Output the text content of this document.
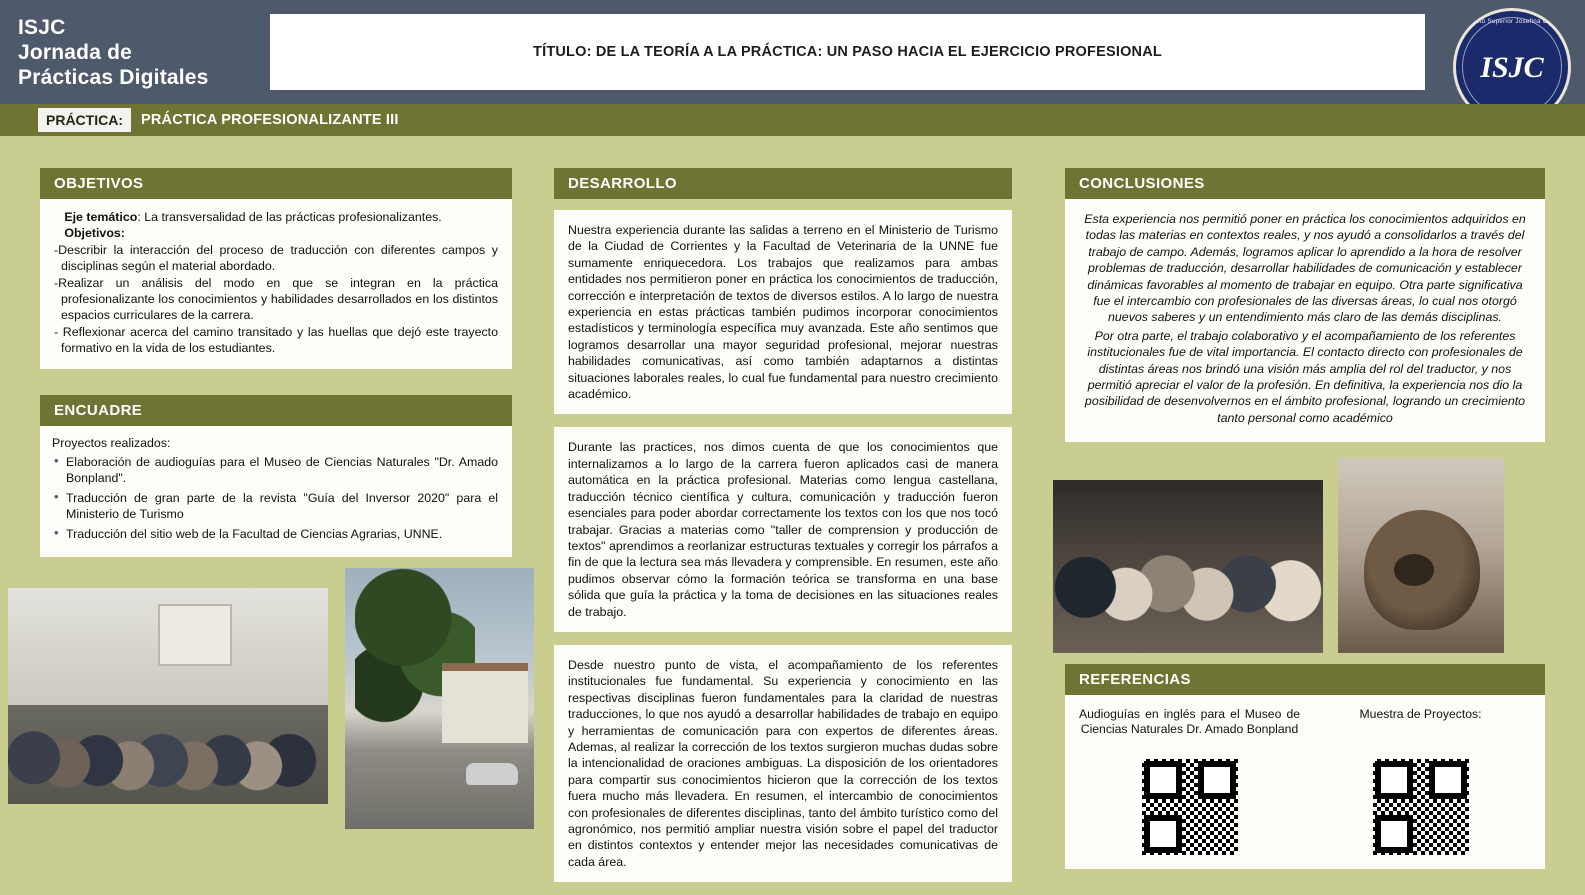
ISJC
Jornada de
Prácticas Digitales
TÍTULO: DE LA TEORÍA A LA PRÁCTICA: UN PASO HACIA EL EJERCICIO PROFESIONAL
Instituto Superior Josefina Contte
ISJC
PRÁCTICA:	PRÁCTICA PROFESIONALIZANTE III
OBJETIVOS

Eje temático: La transversalidad de las prácticas profesionalizantes.

Objetivos:

-Describir la interacción del proceso de traducción con diferentes campos y disciplinas según el material abordado.

-Realizar un análisis del modo en que se integran en la práctica profesionalizante los conocimientos y habilidades desarrollados en los distintos espacios curriculares de la carrera.

- Reflexionar acerca del camino transitado y las huellas que dejó este trayecto formativo en la vida de los estudiantes.

ENCUADRE
Proyectos realizados:
• Elaboración de audioguías para el Museo de Ciencias Naturales "Dr. Amado Bonpland".
• Traducción de gran parte de la revista "Guía del Inversor 2020" para el Ministerio de Turismo
• Traducción del sitio web de la Facultad de Ciencias Agrarias, UNNE.
DESARROLLO
Nuestra experiencia durante las salidas a terreno en el Ministerio de Turismo de la Ciudad de Corrientes y la Facultad de Veterinaria de la UNNE fue sumamente enriquecedora. Los trabajos que realizamos para ambas entidades nos permitieron poner en práctica los conocimientos de traducción, corrección e interpretación de textos de diversos estilos. A lo largo de nuestra experiencia en estas prácticas también pudimos incorporar conocimientos estadísticos y terminología específica muy avanzada. Este año sentimos que logramos desarrollar una mayor seguridad profesional, mejorar nuestras habilidades comunicativas, así como también adaptarnos a distintas situaciones laborales reales, lo cual fue fundamental para nuestro crecimiento académico.
Durante las practices, nos dimos cuenta de que los conocimientos que internalizamos a lo largo de la carrera fueron aplicados casi de manera automática en la práctica profesional. Materias como lengua castellana, traducción técnico científica y cultura, comunicación y traducción fueron esenciales para poder abordar correctamente los textos con los que nos tocó trabajar. Gracias a materias como "taller de comprension y producción de textos" aprendimos a reorlanizar estructuras textuales y corregir los párrafos a fin de que la lectura sea más llevadera y comprensible. En resumen, este año pudimos observar cómo la formación teórica se transforma en una base sólida que guía la práctica y la toma de decisiones en las situaciones reales de trabajo.
Desde nuestro punto de vista, el acompañamiento de los referentes institucionales fue fundamental. Su experiencia y conocimiento en las respectivas disciplinas fueron fundamentales para la claridad de nuestras traducciones, lo que nos ayudó a desarrollar habilidades de trabajo en equipo y herramientas de comunicación para con expertos de diferentes áreas. Ademas, al realizar la corrección de los textos surgieron muchas dudas sobre la intencionalidad de oraciones ambiguas. La disposición de los orientadores para compartir sus conocimientos hicieron que la corrección de los textos fuera mucho más llevadera. En resumen, el intercambio de conocimientos con profesionales de diferentes disciplinas, tanto del ámbito turístico como del agronómico, nos permitió ampliar nuestra visión sobre el papel del traductor en distintos contextos y entender mejor las necesidades comunicativas de cada área.
CONCLUSIONES

Esta experiencia nos permitió poner en práctica los conocimientos adquiridos en todas las materias en contextos reales, y nos ayudó a consolidarlos a través del trabajo de campo. Además, logramos aplicar lo aprendido a la hora de resolver problemas de traducción, desarrollar habilidades de comunicación y establecer dinámicas favorables al momento de trabajar en equipo. Otra parte significativa fue el intercambio con profesionales de las diversas áreas, lo cual nos otorgó nuevos saberes y un entendimiento más claro de las demás disciplinas.

Por otra parte, el trabajo colaborativo y el acompañamiento de los referentes institucionales fue de vital importancia. El contacto directo con profesionales de distintas áreas nos brindó una visión más amplia del rol del traductor, y nos permitió apreciar el valor de la profesión. En definitiva, la experiencia nos dio la posibilidad de desenvolvernos en el ámbito profesional, logrando un crecimiento tanto personal como académico

REFERENCIAS
Audioguías en inglés para el Museo de Ciencias Naturales Dr. Amado Bonpland
Muestra de Proyectos:
